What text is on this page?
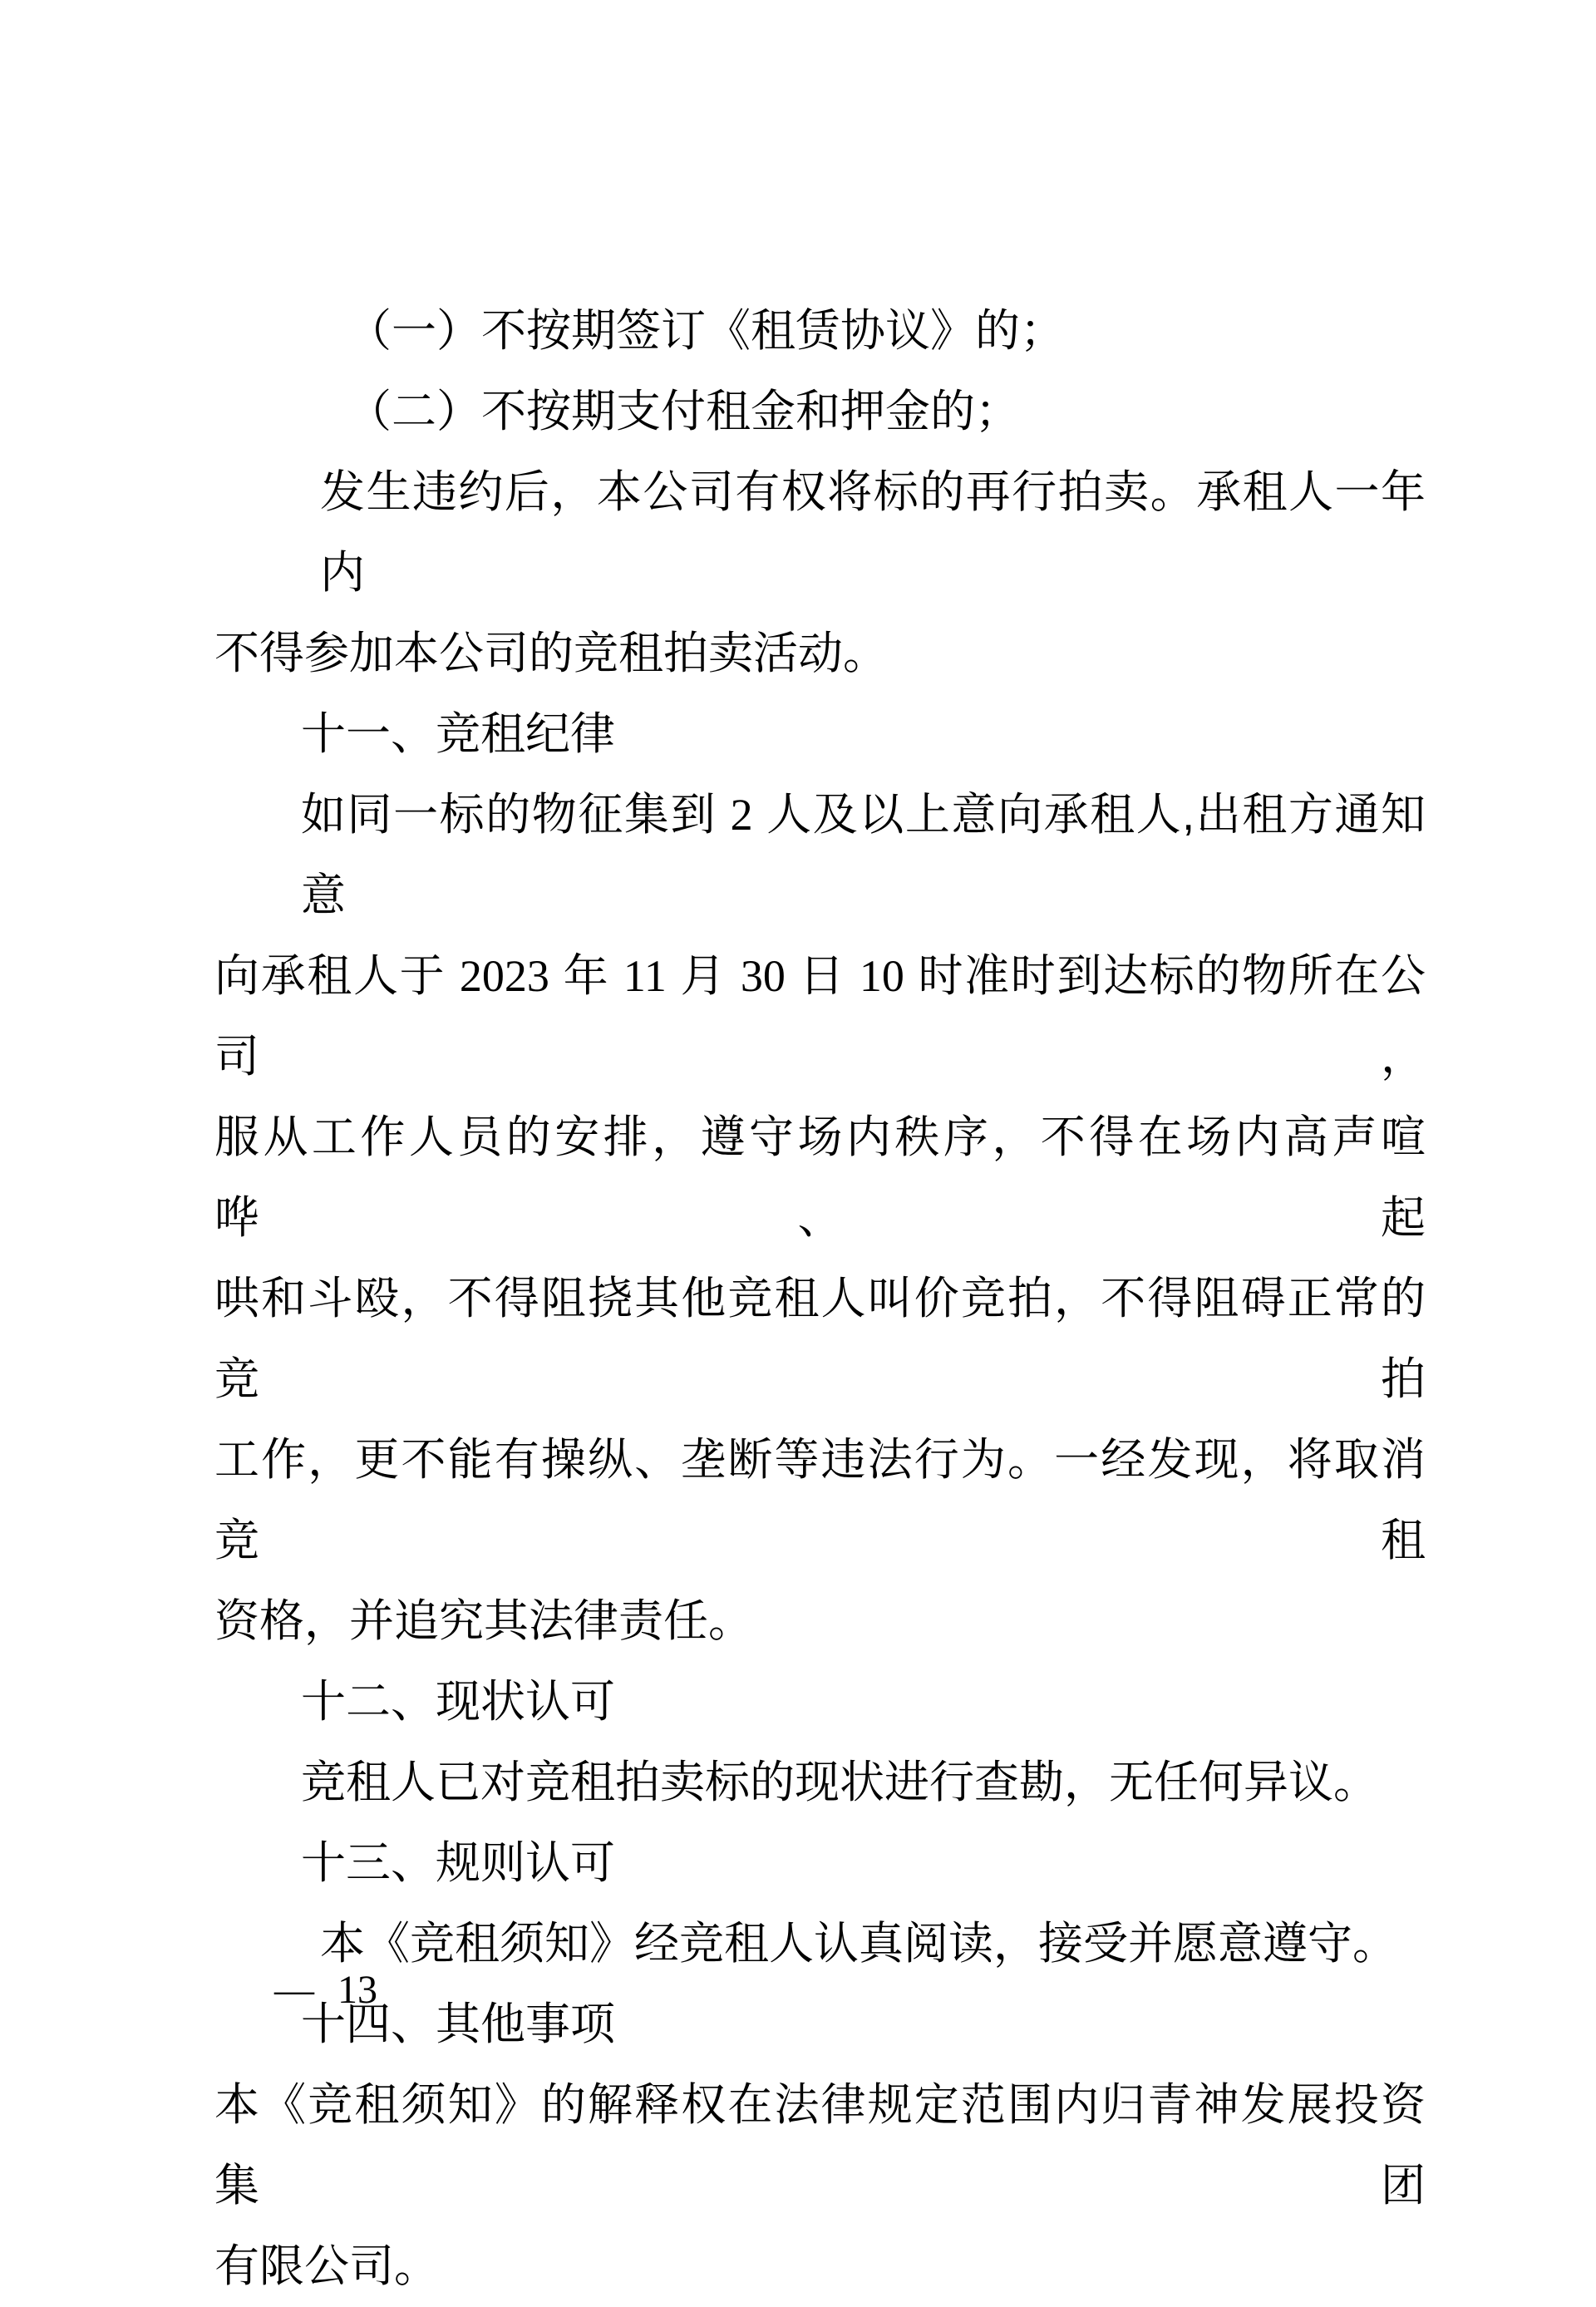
（一）不按期签订《租赁协议》的；
（二）不按期支付租金和押金的；
发生违约后，本公司有权将标的再行拍卖。承租人一年内
不得参加本公司的竞租拍卖活动。
十一、竞租纪律
如同一标的物征集到 2 人及以上意向承租人,出租方通知意
向承租人于 2023 年 11 月 30 日 10 时准时到达标的物所在公司，
服从工作人员的安排，遵守场内秩序，不得在场内高声喧哗、起
哄和斗殴，不得阻挠其他竞租人叫价竞拍，不得阻碍正常的竞拍
工作，更不能有操纵、垄断等违法行为。一经发现，将取消竞租
资格，并追究其法律责任。
十二、现状认可
竞租人已对竞租拍卖标的现状进行查勘，无任何异议。
十三、规则认可
本《竞租须知》经竞租人认真阅读，接受并愿意遵守。
十四、其他事项
本《竞租须知》的解释权在法律规定范围内归青神发展投资集团
有限公司。
— 13
